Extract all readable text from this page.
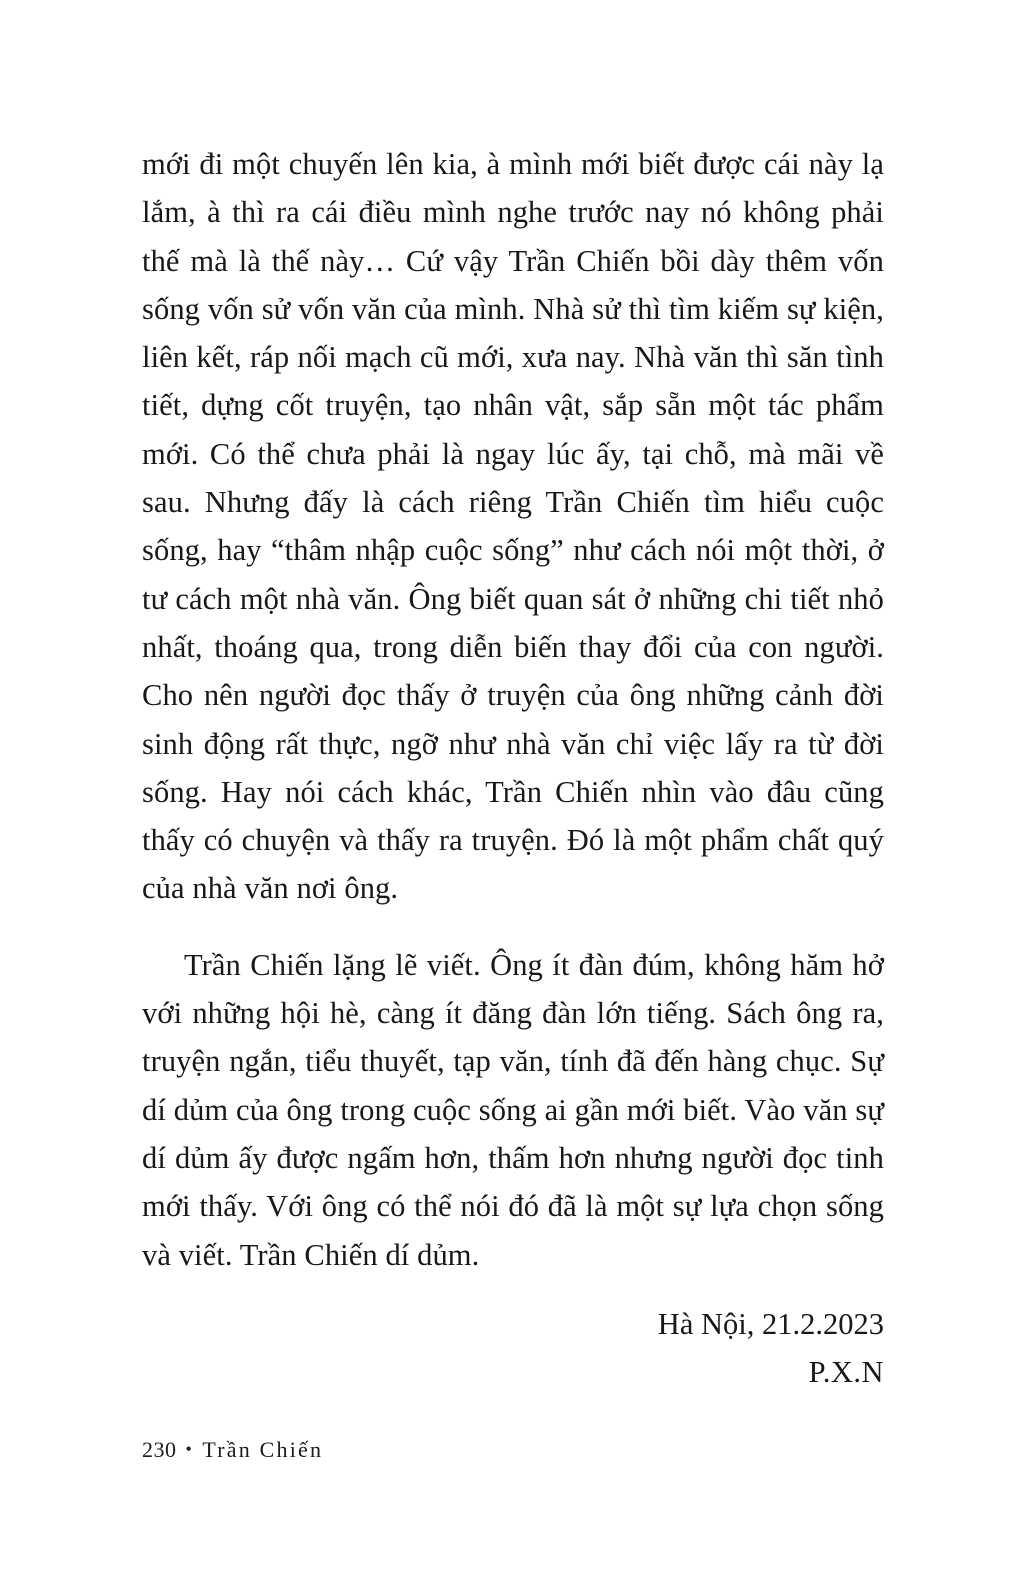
mới đi một chuyến lên kia, à mình mới biết được cái này lạ lắm, à thì ra cái điều mình nghe trước nay nó không phải thế mà là thế này… Cứ vậy Trần Chiến bồi dày thêm vốn sống vốn sử vốn văn của mình. Nhà sử thì tìm kiếm sự kiện, liên kết, ráp nối mạch cũ mới, xưa nay. Nhà văn thì săn tình tiết, dựng cốt truyện, tạo nhân vật, sắp sẵn một tác phẩm mới. Có thể chưa phải là ngay lúc ấy, tại chỗ, mà mãi về sau. Nhưng đấy là cách riêng Trần Chiến tìm hiểu cuộc sống, hay “thâm nhập cuộc sống” như cách nói một thời, ở tư cách một nhà văn. Ông biết quan sát ở những chi tiết nhỏ nhất, thoáng qua, trong diễn biến thay đổi của con người. Cho nên người đọc thấy ở truyện của ông những cảnh đời sinh động rất thực, ngỡ như nhà văn chỉ việc lấy ra từ đời sống. Hay nói cách khác, Trần Chiến nhìn vào đâu cũng thấy có chuyện và thấy ra truyện. Đó là một phẩm chất quý của nhà văn nơi ông.

Trần Chiến lặng lẽ viết. Ông ít đàn đúm, không hăm hở với những hội hè, càng ít đăng đàn lớn tiếng. Sách ông ra, truyện ngắn, tiểu thuyết, tạp văn, tính đã đến hàng chục. Sự dí dủm của ông trong cuộc sống ai gần mới biết. Vào văn sự dí dủm ấy được ngấm hơn, thấm hơn nhưng người đọc tinh mới thấy. Với ông có thể nói đó đã là một sự lựa chọn sống và viết. Trần Chiến dí dủm.

Hà Nội, 21.2.2023
P.X.N
230 • Trần Chiến
